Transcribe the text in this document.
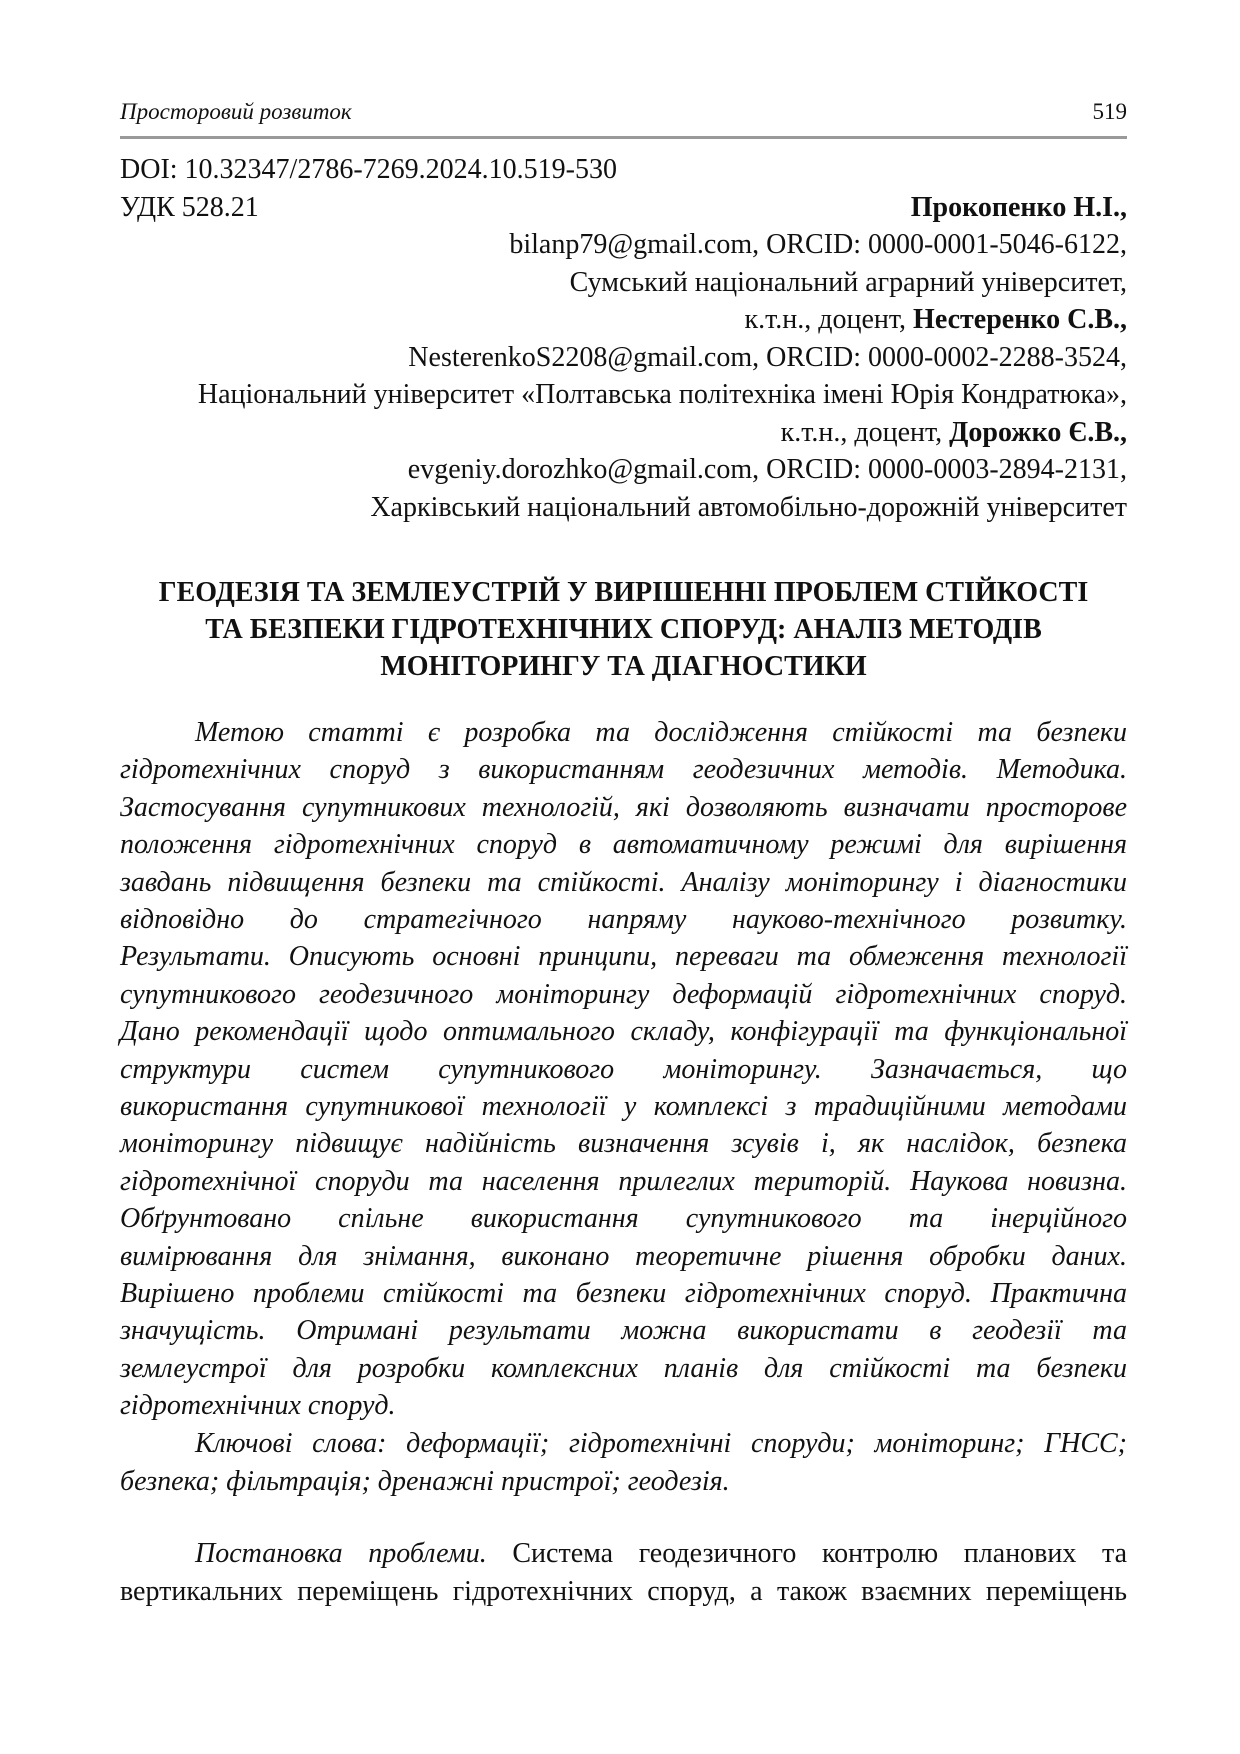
Просторовий розвиток	519
DOI: 10.32347/2786-7269.2024.10.519-530
УДК 528.21	Прокопенко Н.І.,
bilanp79@gmail.com, ORCID: 0000-0001-5046-6122,
Сумський національний аграрний університет,
к.т.н., доцент, Нестеренко С.В.,
NesterenkoS2208@gmail.com, ORCID: 0000-0002-2288-3524,
Національний університет «Полтавська політехніка імені Юрія Кондратюка»,
к.т.н., доцент, Дорожко Є.В.,
evgeniy.dorozhko@gmail.com, ORCID: 0000-0003-2894-2131,
Харківський національний автомобільно-дорожній університет
ГЕОДЕЗІЯ ТА ЗЕМЛЕУСТРІЙ У ВИРІШЕННІ ПРОБЛЕМ СТІЙКОСТІ
ТА БЕЗПЕКИ ГІДРОТЕХНІЧНИХ СПОРУД: АНАЛІЗ МЕТОДІВ
МОНІТОРИНГУ ТА ДІАГНОСТИКИ
Метою статті є розробка та дослідження стійкості та безпеки
гідротехнічних споруд з використанням геодезичних методів. Методика.
Застосування супутникових технологій, які дозволяють визначати просторове
положення гідротехнічних споруд в автоматичному режимі для вирішення
завдань підвищення безпеки та стійкості. Аналізу моніторингу і діагностики
відповідно до стратегічного напряму науково-технічного розвитку.
Результати. Описують основні принципи, переваги та обмеження технології
супутникового геодезичного моніторингу деформацій гідротехнічних споруд.
Дано рекомендації щодо оптимального складу, конфігурації та функціональної
структури систем супутникового моніторингу. Зазначається, що
використання супутникової технології у комплексі з традиційними методами
моніторингу підвищує надійність визначення зсувів і, як наслідок, безпека
гідротехнічної споруди та населення прилеглих територій. Наукова новизна.
Обґрунтовано спільне використання супутникового та інерційного
вимірювання для знімання, виконано теоретичне рішення обробки даних.
Вирішено проблеми стійкості та безпеки гідротехнічних споруд. Практична
значущість. Отримані результати можна використати в геодезії та
землеустрої для розробки комплексних планів для стійкості та безпеки
гідротехнічних споруд.
Ключові слова: деформації; гідротехнічні споруди; моніторинг; ГНСС;
безпека; фільтрація; дренажні пристрої; геодезія.
Постановка проблеми. Система геодезичного контролю планових та
вертикальних переміщень гідротехнічних споруд, а також взаємних переміщень
